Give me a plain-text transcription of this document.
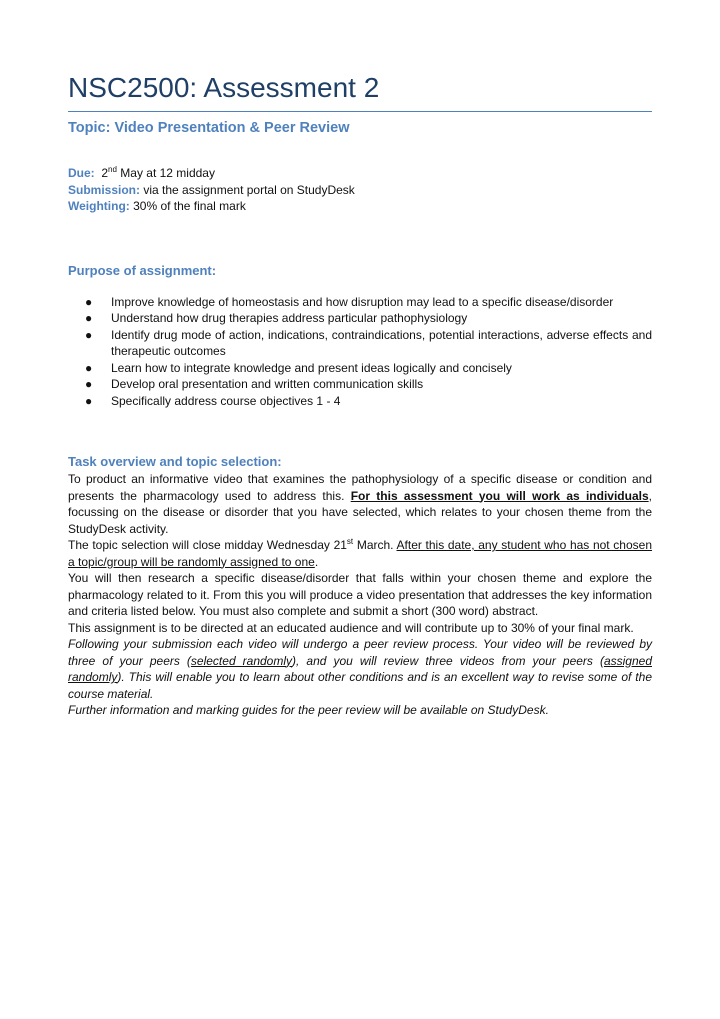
NSC2500: Assessment 2
Topic: Video Presentation & Peer Review
Due: 2nd May at 12 midday
Submission: via the assignment portal on StudyDesk
Weighting: 30% of the final mark
Purpose of assignment:
● Improve knowledge of homeostasis and how disruption may lead to a specific disease/disorder
● Understand how drug therapies address particular pathophysiology
● Identify drug mode of action, indications, contraindications, potential interactions, adverse effects and therapeutic outcomes
● Learn how to integrate knowledge and present ideas logically and concisely
● Develop oral presentation and written communication skills
● Specifically address course objectives 1 - 4
Task overview and topic selection:

To product an informative video that examines the pathophysiology of a specific disease or condition and presents the pharmacology used to address this. For this assessment you will work as individuals, focussing on the disease or disorder that you have selected, which relates to your chosen theme from the StudyDesk activity.

The topic selection will close midday Wednesday 21st March. After this date, any student who has not chosen a topic/group will be randomly assigned to one.

You will then research a specific disease/disorder that falls within your chosen theme and explore the pharmacology related to it. From this you will produce a video presentation that addresses the key information and criteria listed below. You must also complete and submit a short (300 word) abstract.

This assignment is to be directed at an educated audience and will contribute up to 30% of your final mark.

Following your submission each video will undergo a peer review process. Your video will be reviewed by three of your peers (selected randomly), and you will review three videos from your peers (assigned randomly). This will enable you to learn about other conditions and is an excellent way to revise some of the course material.

Further information and marking guides for the peer review will be available on StudyDesk.
